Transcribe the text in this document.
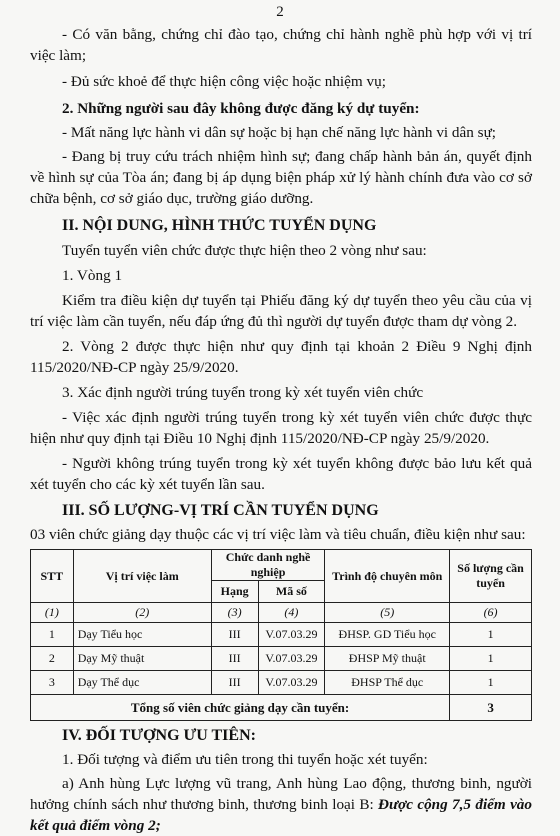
2

- Có văn bằng, chứng chỉ đào tạo, chứng chỉ hành nghề phù hợp với vị trí việc làm;

- Đủ sức khoẻ để thực hiện công việc hoặc nhiệm vụ;

2. Những người sau đây không được đăng ký dự tuyển:

- Mất năng lực hành vi dân sự hoặc bị hạn chế năng lực hành vi dân sự;

- Đang bị truy cứu trách nhiệm hình sự; đang chấp hành bản án, quyết định về hình sự của Tòa án; đang bị áp dụng biện pháp xử lý hành chính đưa vào cơ sở chữa bệnh, cơ sở giáo dục, trường giáo dưỡng.

II. NỘI DUNG, HÌNH THỨC TUYỂN DỤNG

Tuyển tuyển viên chức được thực hiện theo 2 vòng như sau:

1. Vòng 1

Kiểm tra điều kiện dự tuyển tại Phiếu đăng ký dự tuyển theo yêu cầu của vị trí việc làm cần tuyển, nếu đáp ứng đủ thì người dự tuyển được tham dự vòng 2.

2. Vòng 2 được thực hiện như quy định tại khoản 2 Điều 9 Nghị định 115/2020/NĐ-CP ngày 25/9/2020.

3. Xác định người trúng tuyển trong kỳ xét tuyển viên chức

- Việc xác định người trúng tuyển trong kỳ xét tuyển viên chức được thực hiện như quy định tại Điều 10 Nghị định 115/2020/NĐ-CP ngày 25/9/2020.

- Người không trúng tuyển trong kỳ xét tuyển không được bảo lưu kết quả xét tuyển cho các kỳ xét tuyển lần sau.

III. SỐ LƯỢNG-VỊ TRÍ CẦN TUYỂN DỤNG

03 viên chức giảng dạy thuộc các vị trí việc làm và tiêu chuẩn, điều kiện như sau:

STT	Vị trí việc làm	Chức danh nghề nghiệp		Trình độ chuyên môn	Số lượng cần tuyển
		Hạng	Mã số		
(1)	(2)	(3)	(4)	(5)	(6)
1	Dạy Tiểu học	III	V.07.03.29	ĐHSP. GD Tiểu học	1
2	Dạy Mỹ thuật	III	V.07.03.29	ĐHSP Mỹ thuật	1
3	Dạy Thể dục	III	V.07.03.29	ĐHSP Thể dục	1
Tổng số viên chức giảng dạy cần tuyển:					3

IV. ĐỐI TƯỢNG ƯU TIÊN:

1. Đối tượng và điểm ưu tiên trong thi tuyển hoặc xét tuyển:

a) Anh hùng Lực lượng vũ trang, Anh hùng Lao động, thương binh, người hưởng chính sách như thương binh, thương binh loại B: Được cộng 7,5 điểm vào kết quả điểm vòng 2;
